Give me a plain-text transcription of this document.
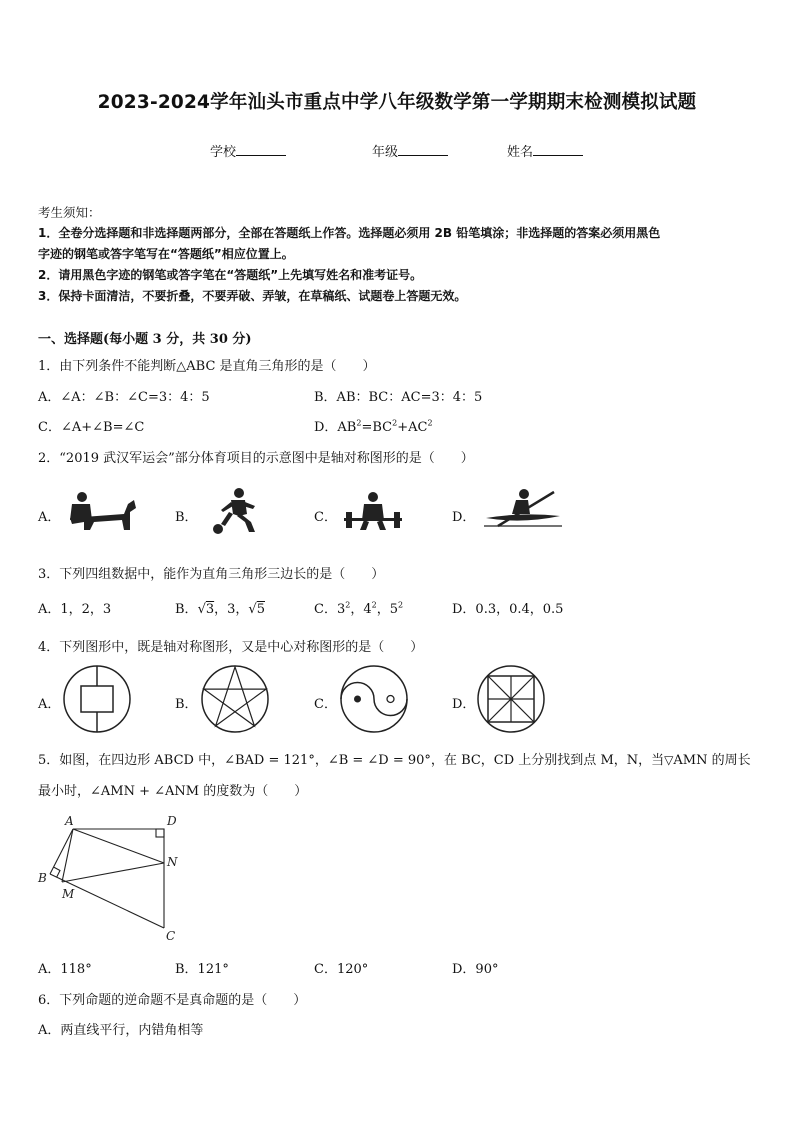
2023-2024学年汕头市重点中学八年级数学第一学期期末检测模拟试题
学校	年级	姓名
考生须知：
1．全卷分选择题和非选择题两部分，全部在答题纸上作答。选择题必须用 2B 铅笔填涂；非选择题的答案必须用黑色
字迹的钢笔或答字笔写在“答题纸”相应位置上。
2．请用黑色字迹的钢笔或答字笔在“答题纸”上先填写姓名和准考证号。
3．保持卡面清洁，不要折叠，不要弄破、弄皱，在草稿纸、试题卷上答题无效。
一、选择题(每小题 3 分，共 30 分)
1．由下列条件不能判断△ABC 是直角三角形的是（　　）
A．∠A：∠B：∠C=3：4：5	B．AB：BC：AC=3：4：5
C．∠A+∠B=∠C	D．$AB^2=BC^2+AC^2$
2．“2019 武汉军运会”部分体育项目的示意图中是轴对称图形的是（　　）
A．	B．	C．	D．
3．下列四组数据中，能作为直角三角形三边长的是（　　）
A．1，2，3	B．√3，3，√5	C．$3^2$，$4^2$，$5^2$	D．0.3，0.4，0.5
4．下列图形中，既是轴对称图形，又是中心对称图形的是（　　）
A．	B．	C．	D．
5．如图，在四边形 ABCD 中，∠BAD = 121°，∠B = ∠D = 90°，在 BC，CD 上分别找到点 M，N，当▽AMN 的周长
最小时，∠AMN + ∠ANM 的度数为（　　）
A	D
B
M
N
C
A．118°	B．121°	C．120°	D．90°
6．下列命题的逆命题不是真命题的是（　　）
A．两直线平行，内错角相等
